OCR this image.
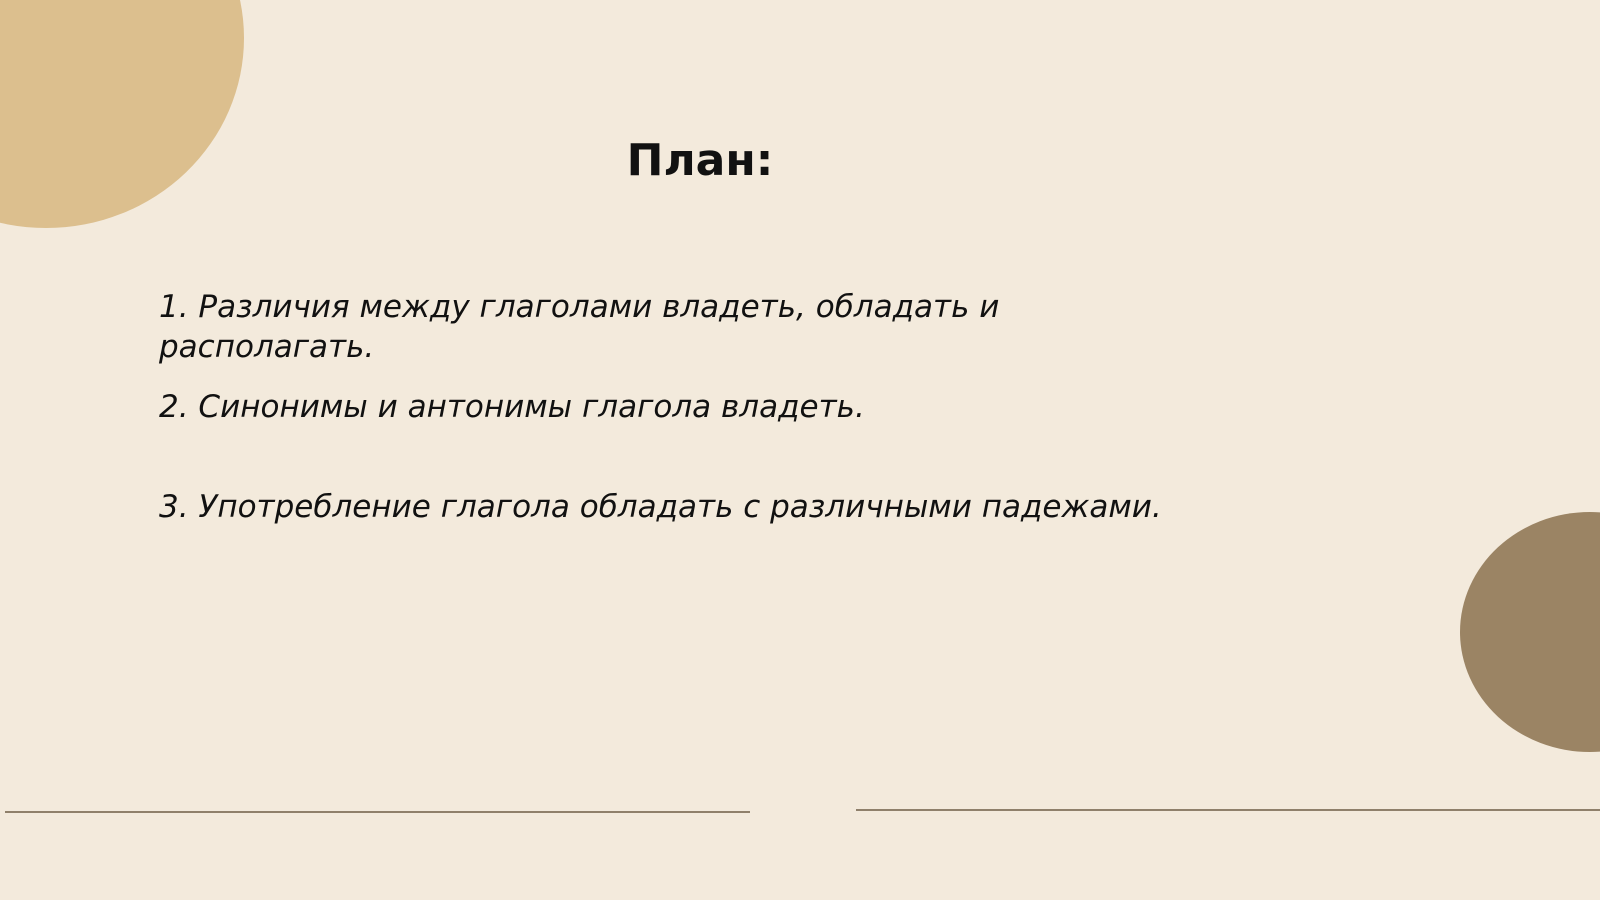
План:

1. Различия между глаголами владеть, обладать и
располагать.

2. Синонимы и антонимы глагола владеть.

3. Употребление глагола обладать с различными падежами.
